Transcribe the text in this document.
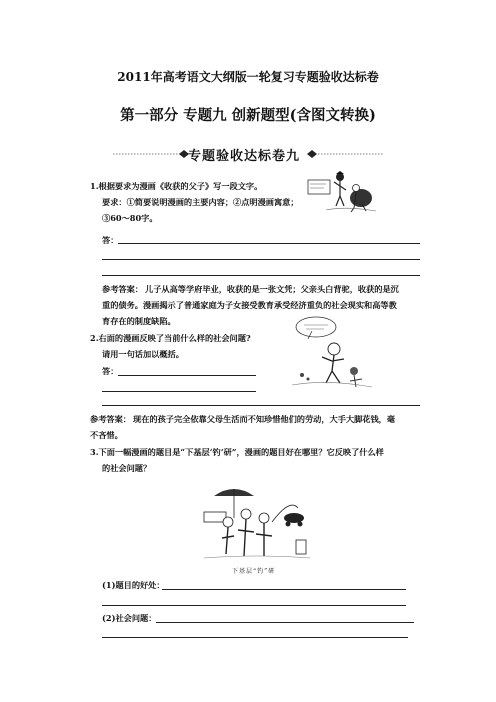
2011年高考语文大纲版一轮复习专题验收达标卷
第一部分 专题九 创新题型(含图文转换)
专题验收达标卷九
1.根据要求为漫画《收获的父子》写一段文字。
要求：①简要说明漫画的主要内容；②点明漫画寓意；
③60～80字。
答：
参考答案： 儿子从高等学府毕业，收获的是一张文凭；父亲头白背驼，收获的是沉
重的债务。漫画揭示了普通家庭为子女接受教育承受经济重负的社会现实和高等教
育存在的制度缺陷。
2.右面的漫画反映了当前什么样的社会问题?
请用一句话加以概括。
答：
参考答案： 现在的孩子完全依靠父母生活而不知珍惜他们的劳动，大手大脚花钱，毫
不吝惜。
3.下面一幅漫画的题目是“下基层‘钓’研”，漫画的题目好在哪里？它反映了什么样
的社会问题？
下基层“钓”研
(1)题目的好处：
(2)社会问题：
